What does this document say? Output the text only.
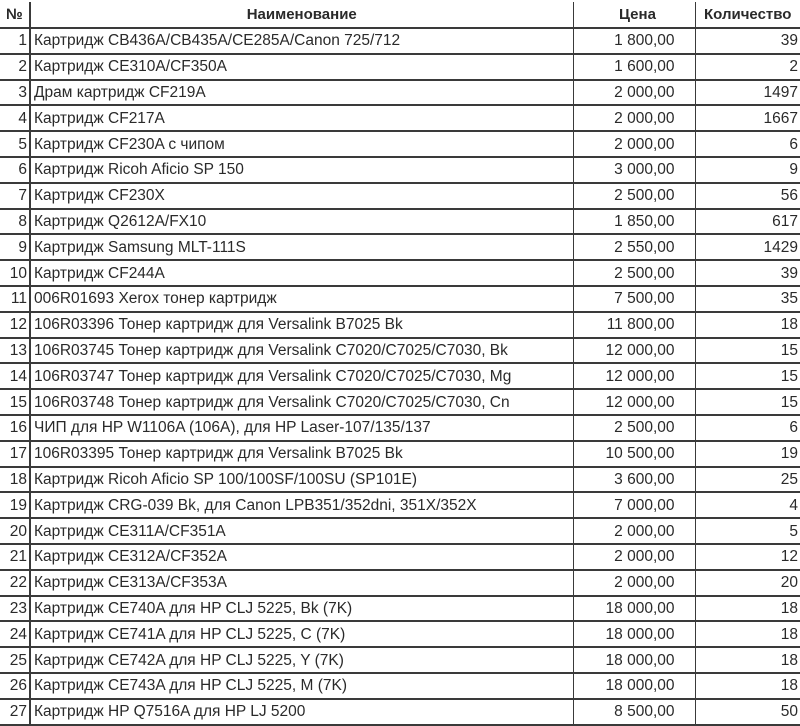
№	Наименование	Цена	Количество
1	Картридж CB436A/CB435A/CE285A/Canon 725/712	1 800,00	39
2	Картридж CE310A/CF350A	1 600,00	2
3	Драм картридж CF219A	2 000,00	1497
4	Картридж CF217A	2 000,00	1667
5	Картридж CF230A с чипом	2 000,00	6
6	Картридж Ricoh Aficio SP 150	3 000,00	9
7	Картридж CF230X	2 500,00	56
8	Картридж Q2612A/FX10	1 850,00	617
9	Картридж Samsung MLT-111S	2 550,00	1429
10	Картридж CF244A	2 500,00	39
11	006R01693 Xerox тонер картридж	7 500,00	35
12	106R03396 Тонер картридж для Versalink B7025 Bk	11 800,00	18
13	106R03745 Тонер картридж для Versalink C7020/C7025/C7030, Bk	12 000,00	15
14	106R03747 Тонер картридж для Versalink C7020/C7025/C7030, Mg	12 000,00	15
15	106R03748 Тонер картридж для Versalink C7020/C7025/C7030, Cn	12 000,00	15
16	ЧИП для HP W1106A (106A), для HP Laser-107/135/137	2 500,00	6
17	106R03395 Тонер картридж для Versalink B7025 Bk	10 500,00	19
18	Картридж Ricoh Aficio SP 100/100SF/100SU (SP101E)	3 600,00	25
19	Картридж CRG-039 Bk, для Canon LPB351/352dni, 351X/352X	7 000,00	4
20	Картридж CE311A/CF351A	2 000,00	5
21	Картридж CE312A/CF352A	2 000,00	12
22	Картридж CE313A/CF353A	2 000,00	20
23	Картридж CE740A для HP CLJ 5225, Bk (7K)	18 000,00	18
24	Картридж CE741A для HP CLJ 5225, C (7K)	18 000,00	18
25	Картридж CE742A для HP CLJ 5225, Y (7K)	18 000,00	18
26	Картридж CE743A для HP CLJ 5225, M (7K)	18 000,00	18
27	Картридж HP Q7516A для HP LJ 5200	8 500,00	50
